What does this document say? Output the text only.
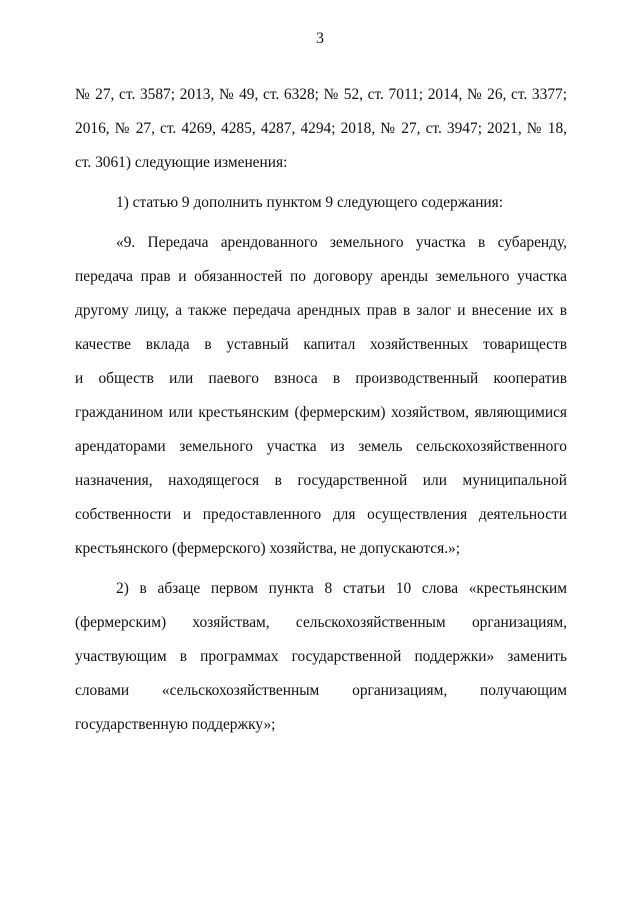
3
№ 27, ст. 3587; 2013, № 49, ст. 6328; № 52, ст. 7011; 2014, № 26, ст. 3377;
2016, № 27, ст. 4269, 4285, 4287, 4294; 2018, № 27, ст. 3947; 2021, № 18,
ст. 3061) следующие изменения:
1) статью 9 дополнить пунктом 9 следующего содержания:
«9. Передача арендованного земельного участка в субаренду,
передача прав и обязанностей по договору аренды земельного участка
другому лицу, а также передача арендных прав в залог и внесение их в
качестве вклада в уставный капитал хозяйственных товариществ
и обществ или паевого взноса в производственный кооператив
гражданином или крестьянским (фермерским) хозяйством, являющимися
арендаторами земельного участка из земель сельскохозяйственного
назначения, находящегося в государственной или муниципальной
собственности и предоставленного для осуществления деятельности
крестьянского (фермерского) хозяйства, не допускаются.»;
2) в абзаце первом пункта 8 статьи 10 слова «крестьянским
(фермерским) хозяйствам, сельскохозяйственным организациям,
участвующим в программах государственной поддержки» заменить
словами «сельскохозяйственным организациям, получающим
государственную поддержку»;
